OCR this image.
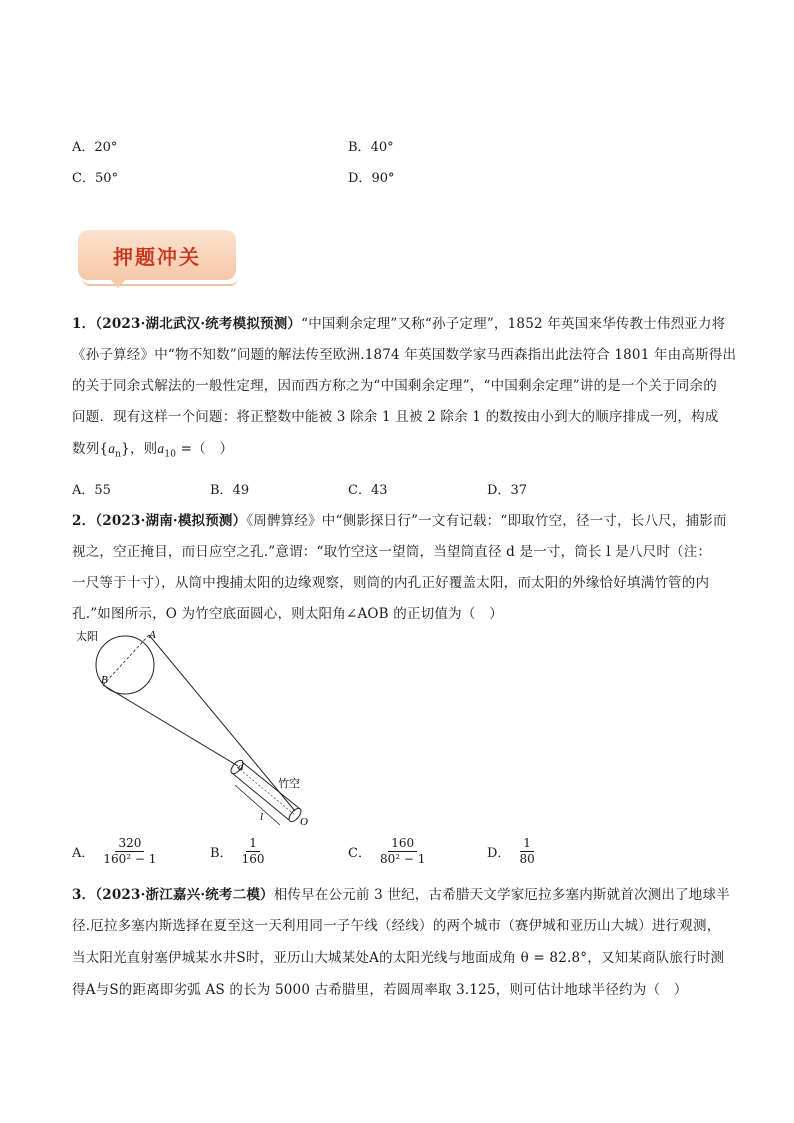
A．20°	B．40°
C．50°	D．90°
押题冲关
1．（2023·湖北武汉·统考模拟预测）“中国剩余定理”又称“孙子定理”，1852 年英国来华传教士伟烈亚力将
《孙子算经》中“物不知数”问题的解法传至欧洲.1874 年英国数学家马西森指出此法符合 1801 年由高斯得出
的关于同余式解法的一般性定理，因而西方称之为“中国剩余定理”，“中国剩余定理”讲的是一个关于同余的
问题．现有这样一个问题：将正整数中能被 3 除余 1 且被 2 除余 1 的数按由小到大的顺序排成一列，构成
数列$\{a_n\}$，则$a_{10}$ =（　）
A．55	B．49	C．43	D．37
2．（2023·湖南·模拟预测）《周髀算经》中“侧影探日行”一文有记载：“即取竹空，径一寸，长八尺，捕影而
视之，空正掩目，而日应空之孔.”意谓：“取竹空这一望筒，当望筒直径 d 是一寸，筒长 l 是八尺时（注：
一尺等于十寸），从筒中搜捕太阳的边缘观察，则筒的内孔正好覆盖太阳，而太阳的外缘恰好填满竹管的内
孔.”如图所示，O 为竹空底面圆心，则太阳角∠AOB 的正切值为（　）
太阳	A
B
d
竹空
l	O
A． $\frac{320}{\text{160² − 1}}$	B． $\frac{1}{160}$	C． $\frac{160}{\text{80² − 1}}$	D． $\frac{1}{80}$
3．（2023·浙江嘉兴·统考二模）相传早在公元前 3 世纪，古希腊天文学家厄拉多塞内斯就首次测出了地球半
径.厄拉多塞内斯选择在夏至这一天利用同一子午线（经线）的两个城市（赛伊城和亚历山大城）进行观测，
当太阳光直射塞伊城某水井S时，亚历山大城某处A的太阳光线与地面成角 θ = 82.8°，又知某商队旅行时测
得A与S的距离即劣弧 AS 的长为 5000 古希腊里，若圆周率取 3.125，则可估计地球半径约为（　）
